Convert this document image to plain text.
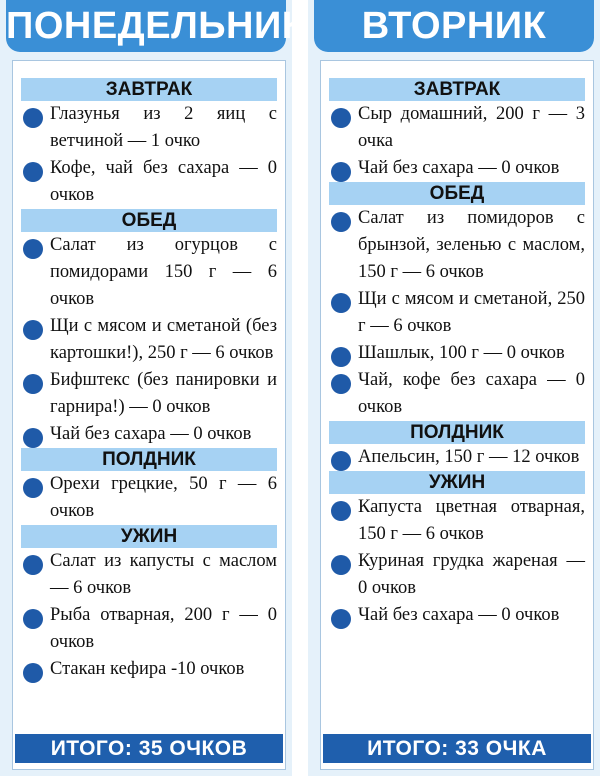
ПОНЕДЕЛЬНИК
ЗАВТРАК
Глазунья из 2 яиц с ветчиной — 1 очко
Кофе, чай без сахара — 0 очков
ОБЕД
Салат из огурцов с помидорами 150 г — 6 очков
Щи с мясом и сметаной (без картошки!), 250 г — 6 очков
Бифштекс (без панировки и гарнира!) — 0 очков
Чай без сахара — 0 очков
ПОЛДНИК
Орехи грецкие, 50 г — 6 очков
УЖИН
Салат из капусты с маслом — 6 очков
Рыба отварная, 200 г — 0 очков
Стакан кефира -10 очков
ИТОГО: 35 ОЧКОВ
ВТОРНИК
ЗАВТРАК
Сыр домашний, 200 г — 3 очка
Чай без сахара — 0 очков
ОБЕД
Салат из помидоров с брынзой, зеленью с маслом, 150 г — 6 очков
Щи с мясом и сметаной, 250 г — 6 очков
Шашлык, 100 г — 0 очков
Чай, кофе без сахара — 0 очков
ПОЛДНИК
Апельсин, 150 г — 12 очков
УЖИН
Капуста цветная отварная, 150 г — 6 очков
Куриная грудка жареная — 0 очков
Чай без сахара — 0 очков
ИТОГО: 33 ОЧКА
